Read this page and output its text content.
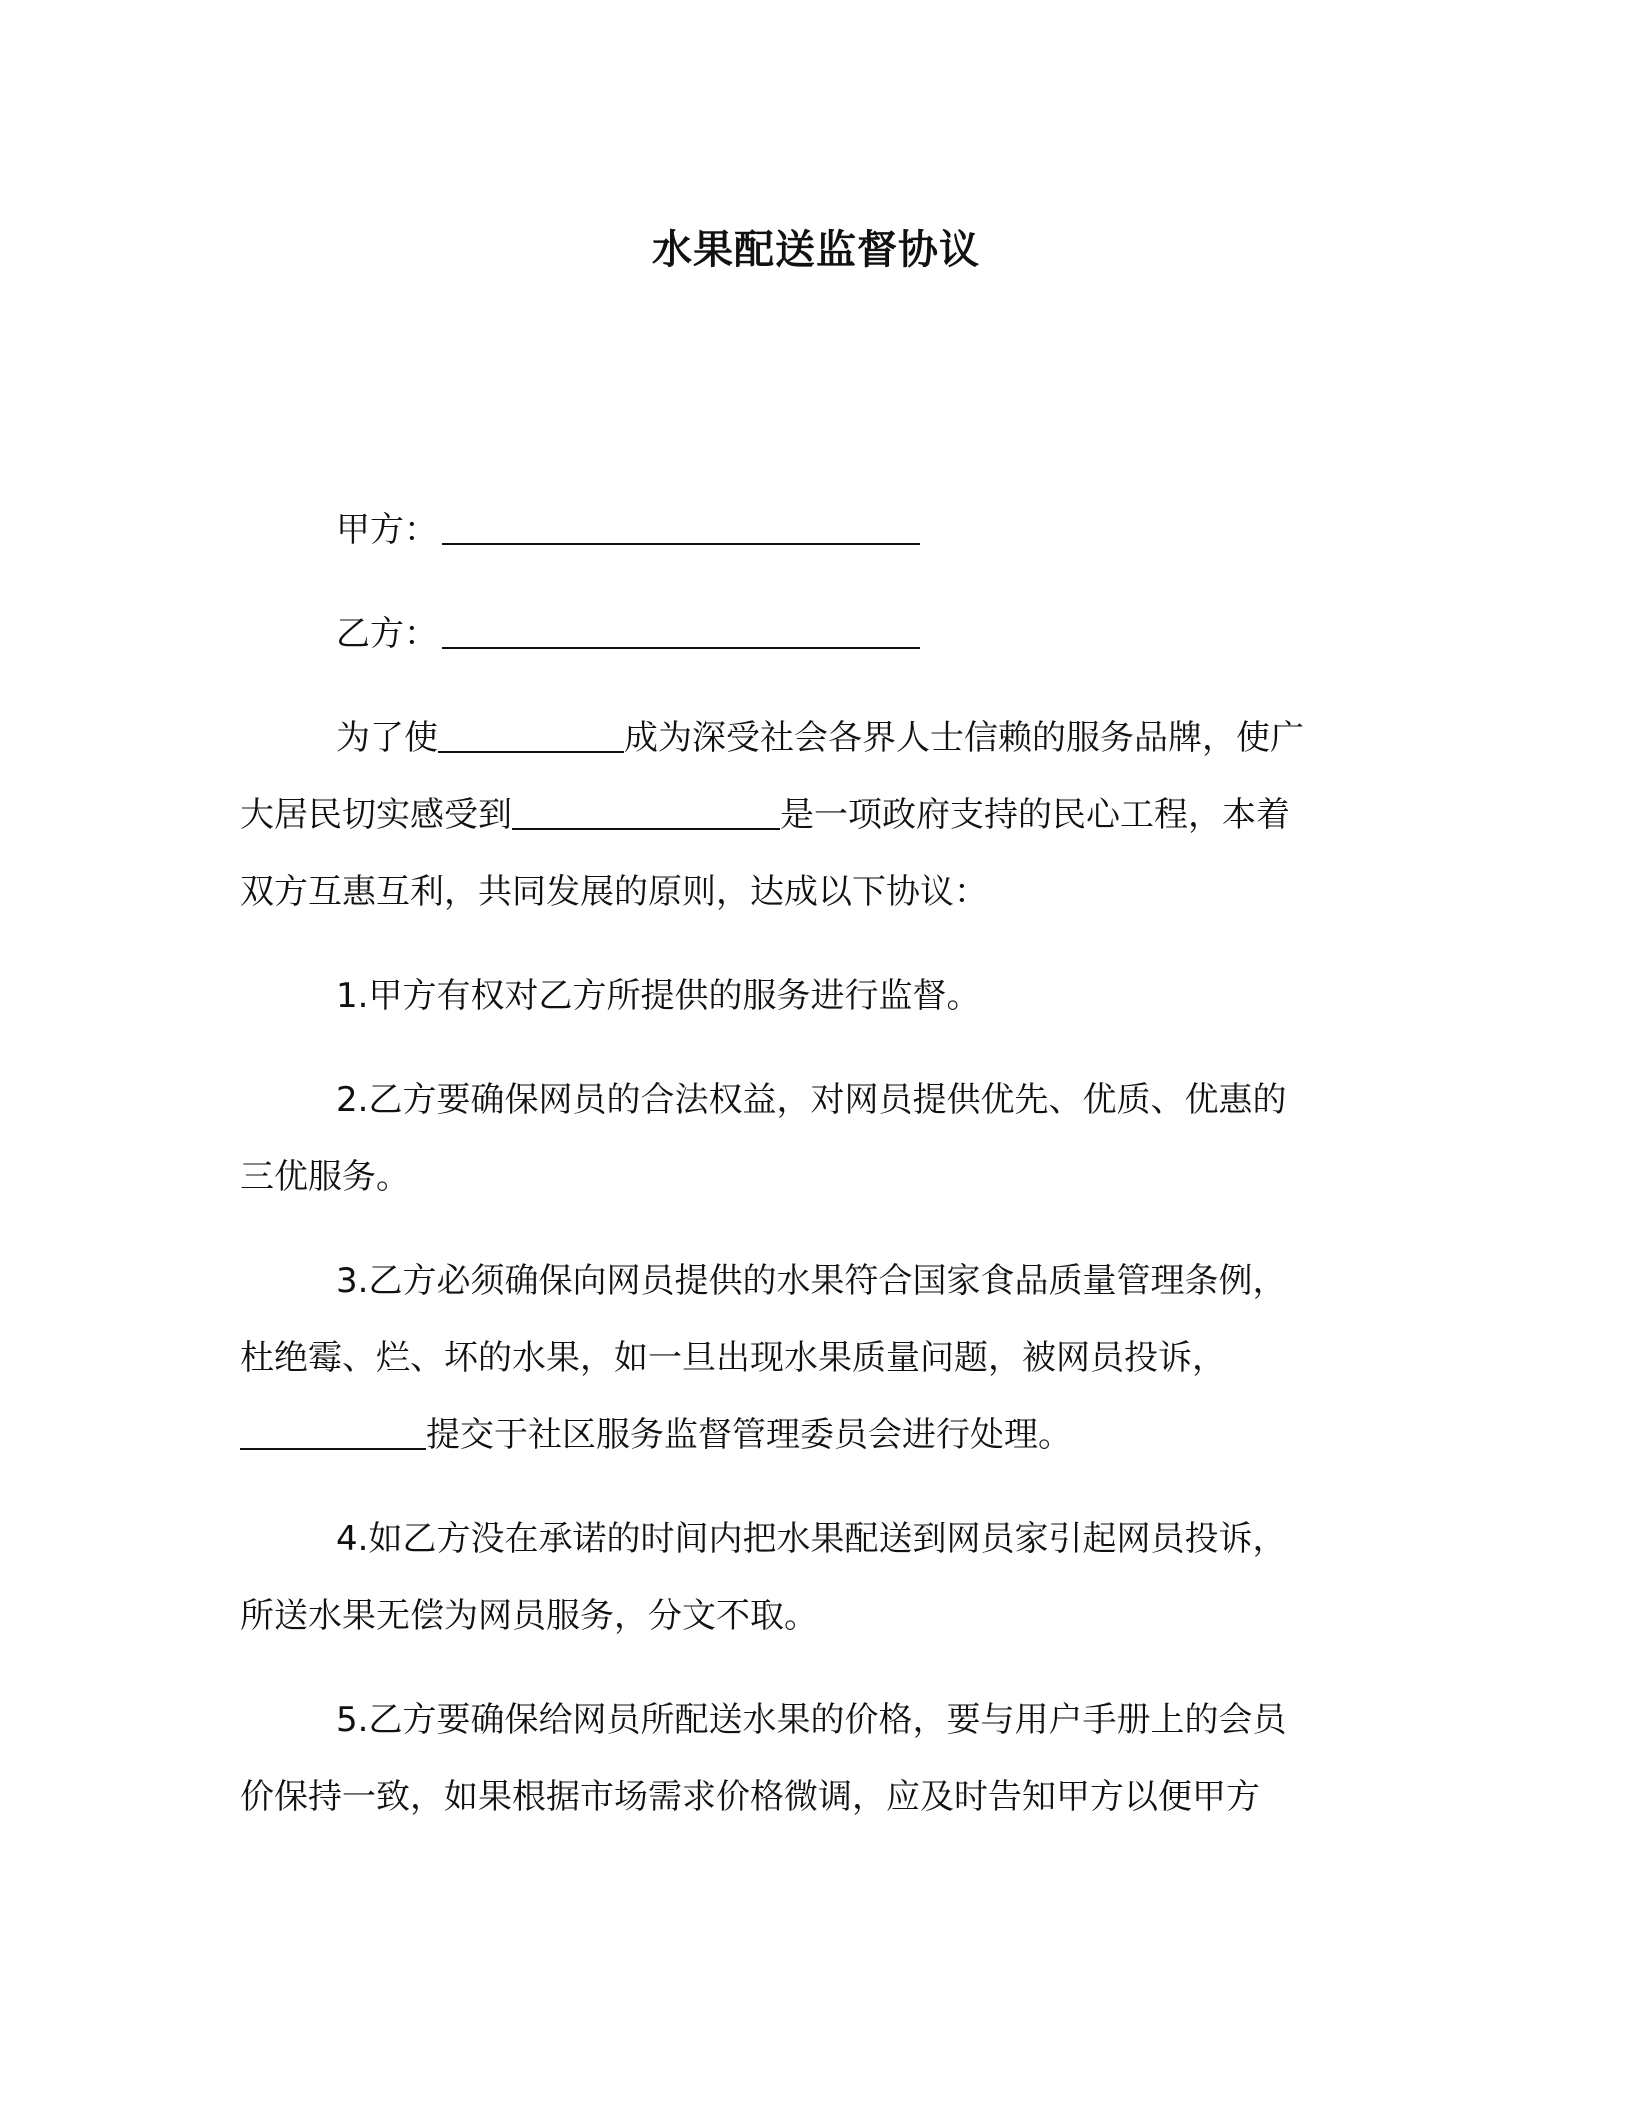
水果配送监督协议
甲方：
乙方：
为了使	成为深受社会各界人士信赖的服务品牌，使广
大居民切实感受到	是一项政府支持的民心工程，本着
双方互惠互利，共同发展的原则，达成以下协议：
1.甲方有权对乙方所提供的服务进行监督。
2.乙方要确保网员的合法权益，对网员提供优先、优质、优惠的
三优服务。
3.乙方必须确保向网员提供的水果符合国家食品质量管理条例，
杜绝霉、烂、坏的水果，如一旦出现水果质量问题，被网员投诉，
提交于社区服务监督管理委员会进行处理。
4.如乙方没在承诺的时间内把水果配送到网员家引起网员投诉，
所送水果无偿为网员服务，分文不取。
5.乙方要确保给网员所配送水果的价格，要与用户手册上的会员
价保持一致，如果根据市场需求价格微调，应及时告知甲方以便甲方
